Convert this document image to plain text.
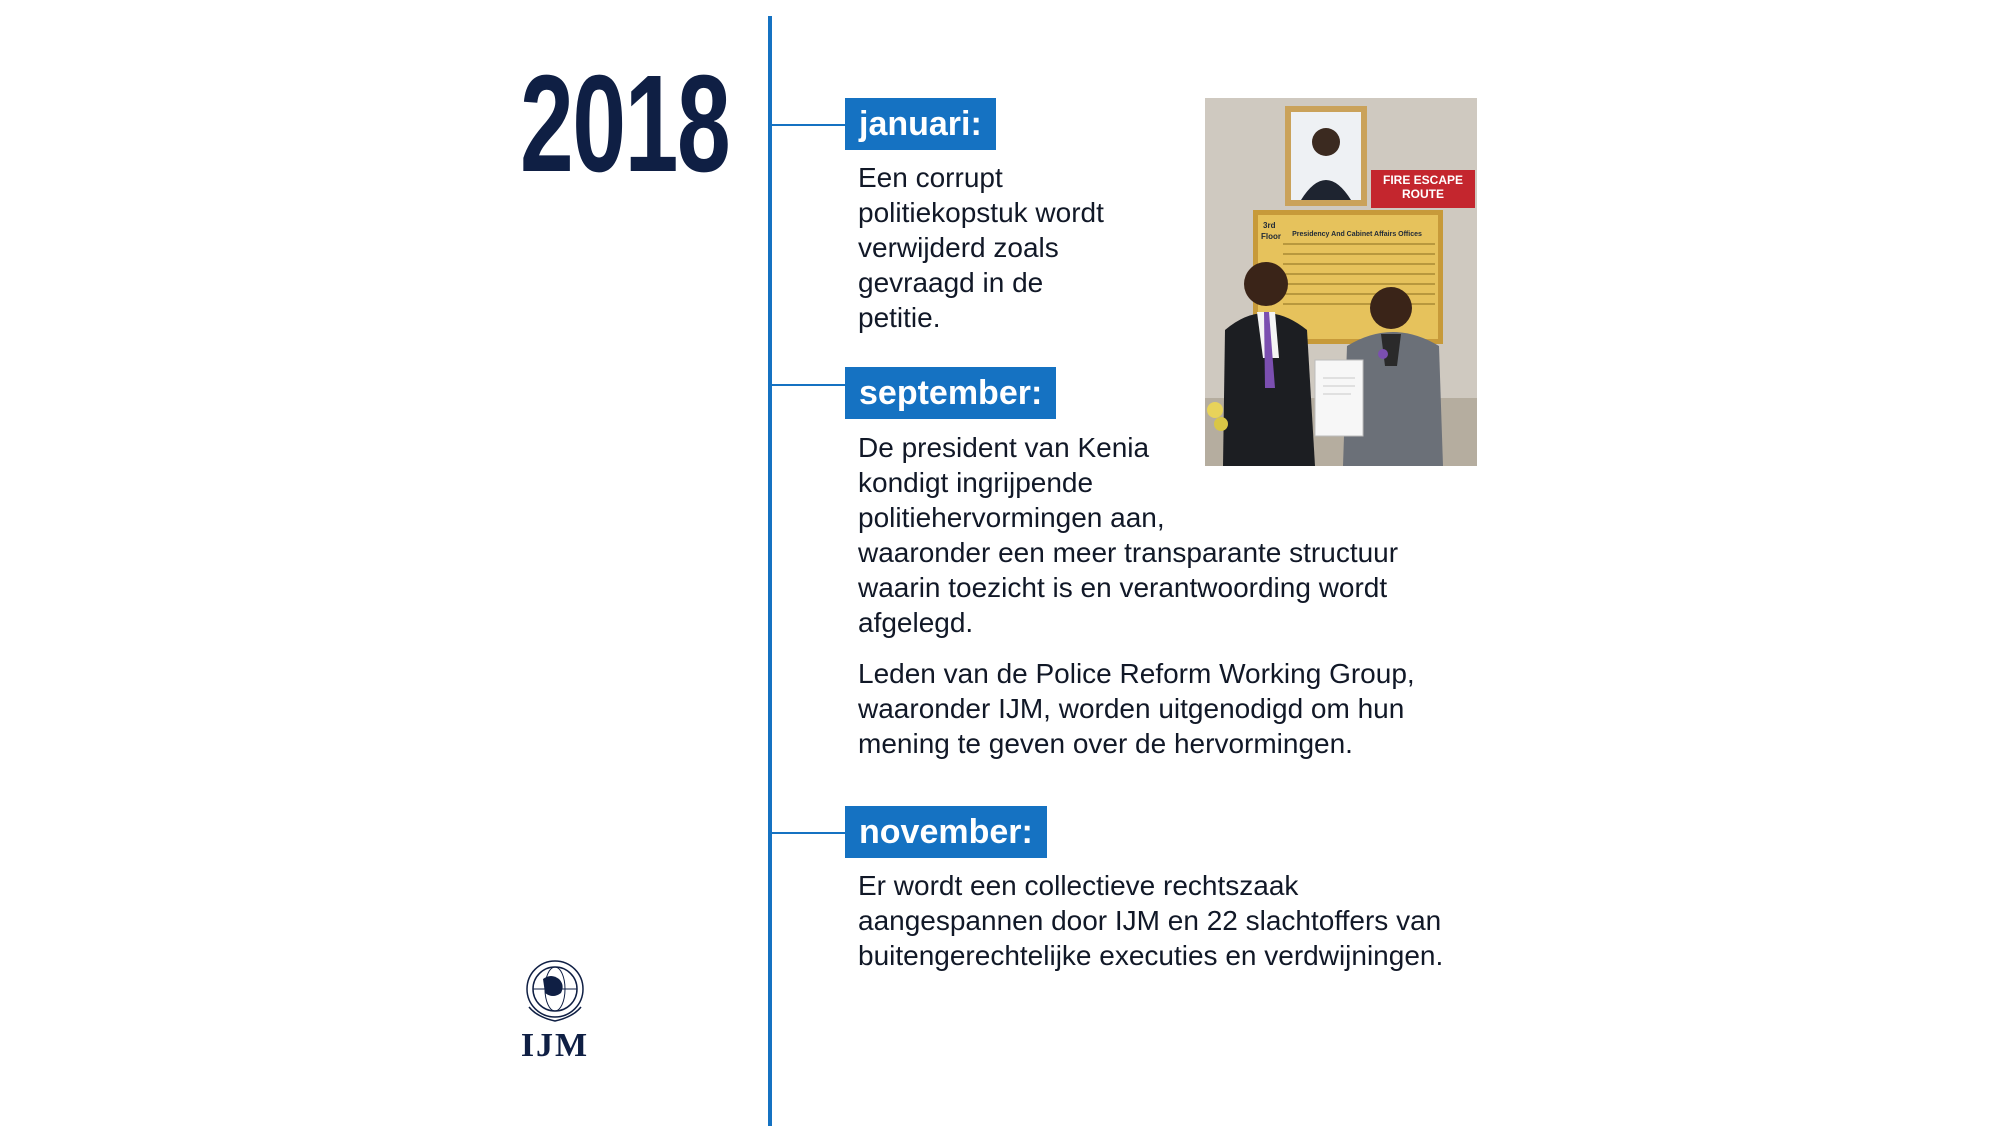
2018	januari:
Een corrupt
politiekopstuk wordt
verwijderd zoals
gevraagd in de
petitie.
september:
De president van Kenia
kondigt ingrijpende
politiehervormingen aan,
waaronder een meer transparante structuur
waarin toezicht is en verantwoording wordt
afgelegd.
Leden van de Police Reform Working Group,
waaronder IJM, worden uitgenodigd om hun
mening te geven over de hervormingen.
november:
Er wordt een collectieve rechtszaak
aangespannen door IJM en 22 slachtoffers van
buitengerechtelijke executies en verdwijningen.
FIRE ESCAPE
ROUTE
3rd
Floor Presidency And Cabinet Affairs Offices
IJM
